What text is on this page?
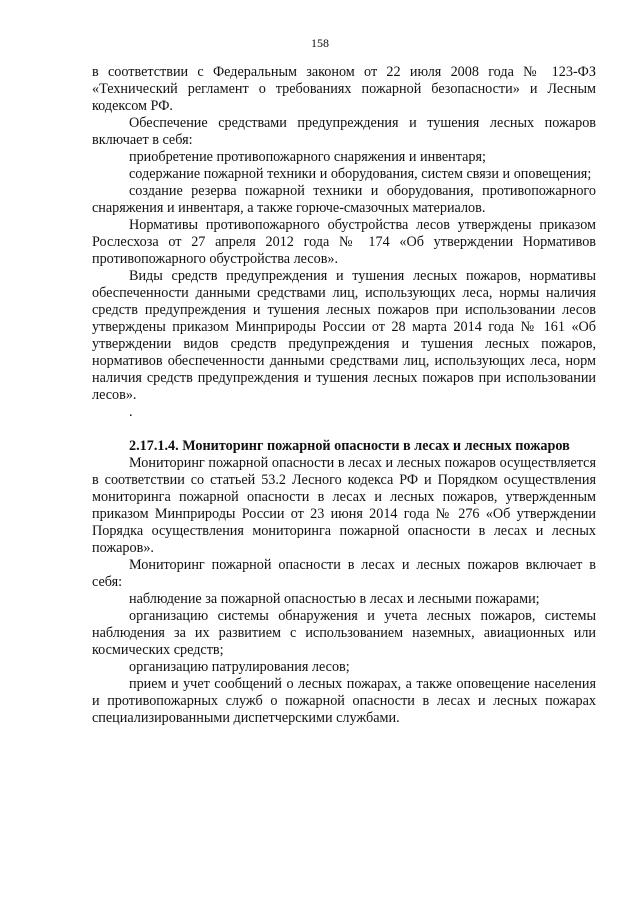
158

в соответствии с Федеральным законом от 22 июля 2008 года № 123-ФЗ «Технический регламент о требованиях пожарной безопасности» и Лесным кодексом РФ.

Обеспечение средствами предупреждения и тушения лесных пожаров включает в себя:

приобретение противопожарного снаряжения и инвентаря;

содержание пожарной техники и оборудования, систем связи и оповещения;

создание резерва пожарной техники и оборудования, противопожарного снаряжения и инвентаря, а также горюче-смазочных материалов.

Нормативы противопожарного обустройства лесов утверждены приказом Рослесхоза от 27 апреля 2012 года № 174 «Об утверждении Нормативов противопожарного обустройства лесов».

Виды средств предупреждения и тушения лесных пожаров, нормативы обеспеченности данными средствами лиц, использующих леса, нормы наличия средств предупреждения и тушения лесных пожаров при использовании лесов утверждены приказом Минприроды России от 28 марта 2014 года № 161 «Об утверждении видов средств предупреждения и тушения лесных пожаров, нормативов обеспеченности данными средствами лиц, использующих леса, норм наличия средств предупреждения и тушения лесных пожаров при использовании лесов».

.

2.17.1.4. Мониторинг пожарной опасности в лесах и лесных пожаров

Мониторинг пожарной опасности в лесах и лесных пожаров осуществляется в соответствии со статьей 53.2 Лесного кодекса РФ и Порядком осуществления мониторинга пожарной опасности в лесах и лесных пожаров, утвержденным приказом Минприроды России от 23 июня 2014 года № 276 «Об утверждении Порядка осуществления мониторинга пожарной опасности в лесах и лесных пожаров».

Мониторинг пожарной опасности в лесах и лесных пожаров включает в себя:

наблюдение за пожарной опасностью в лесах и лесными пожарами;

организацию системы обнаружения и учета лесных пожаров, системы наблюдения за их развитием с использованием наземных, авиационных или космических средств;

организацию патрулирования лесов;

прием и учет сообщений о лесных пожарах, а также оповещение населения и противопожарных служб о пожарной опасности в лесах и лесных пожарах специализированными диспетчерскими службами.
